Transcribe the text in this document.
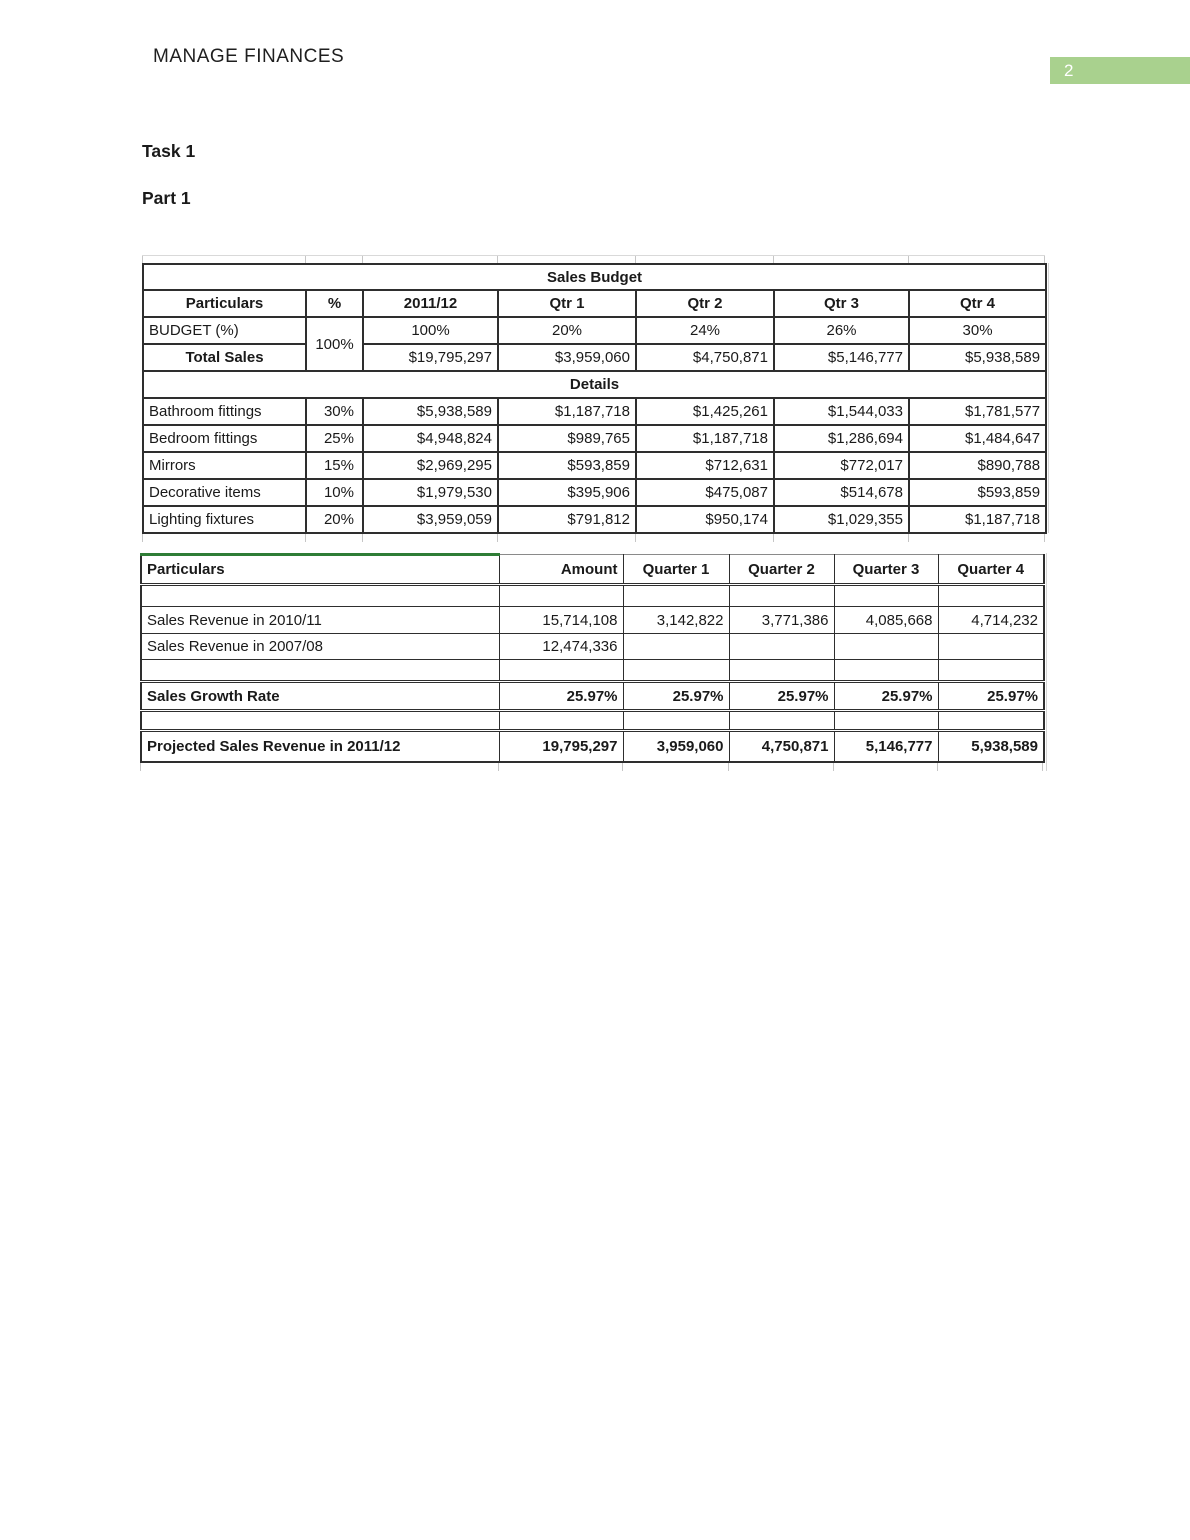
MANAGE FINANCES
2
Task 1
Part 1
Sales Budget						
Particulars	%	2011/12	Qtr 1	Qtr 2	Qtr 3	Qtr 4
BUDGET (%)	100%	100%	20%	24%	26%	30%
Total Sales		$19,795,297	$3,959,060	$4,750,871	$5,146,777	$5,938,589
Details						
Bathroom fittings	30%	$5,938,589	$1,187,718	$1,425,261	$1,544,033	$1,781,577
Bedroom fittings	25%	$4,948,824	$989,765	$1,187,718	$1,286,694	$1,484,647
Mirrors	15%	$2,969,295	$593,859	$712,631	$772,017	$890,788
Decorative items	10%	$1,979,530	$395,906	$475,087	$514,678	$593,859
Lighting fixtures	20%	$3,959,059	$791,812	$950,174	$1,029,355	$1,187,718
Particulars	Amount	Quarter 1	Quarter 2	Quarter 3	Quarter 4

Sales Revenue in 2010/11	15,714,108	3,142,822	3,771,386	4,085,668	4,714,232
Sales Revenue in 2007/08	12,474,336				

Sales Growth Rate	25.97%	25.97%	25.97%	25.97%	25.97%

Projected Sales Revenue in 2011/12	19,795,297	3,959,060	4,750,871	5,146,777	5,938,589
